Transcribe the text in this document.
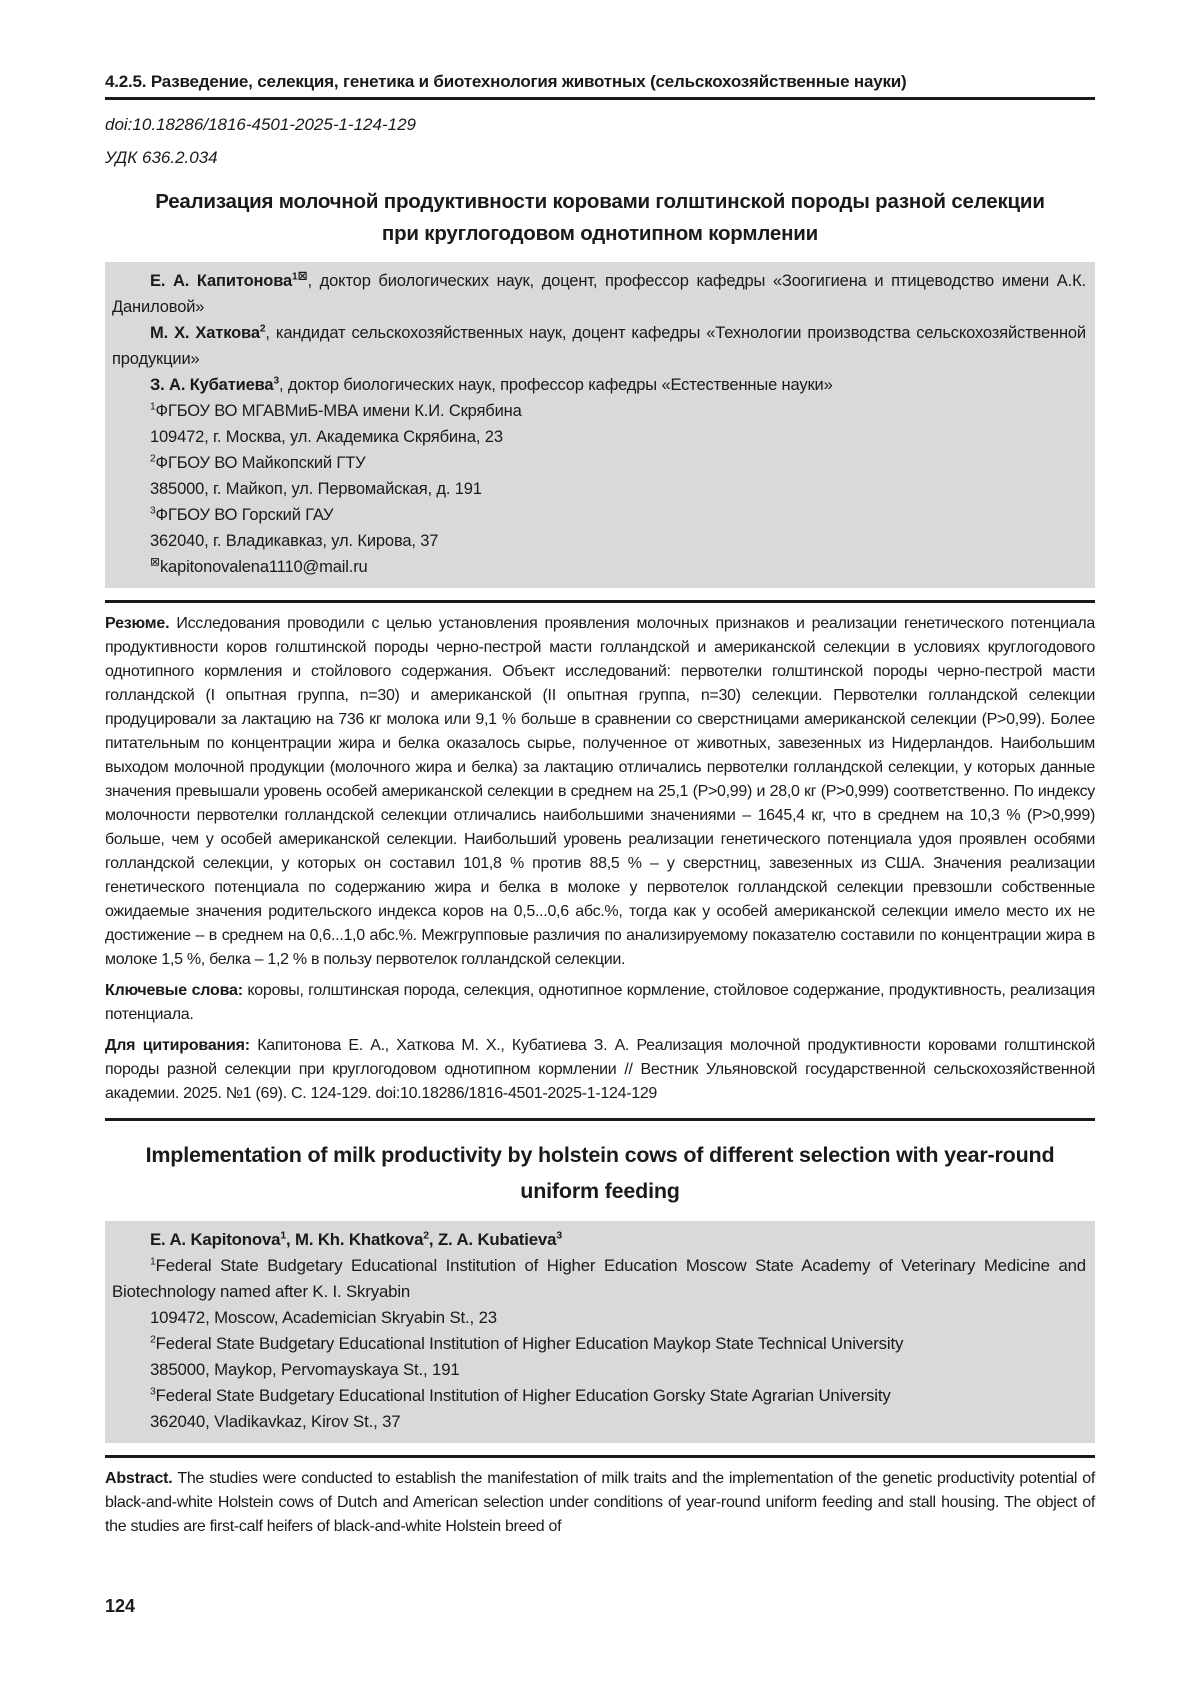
4.2.5. Разведение, селекция, генетика и биотехнология животных (сельскохозяйственные науки)
doi:10.18286/1816-4501-2025-1-124-129
УДК 636.2.034
Реализация молочной продуктивности коровами голштинской породы разной селекции при круглогодовом однотипном кормлении

Е. А. Капитонова$^{1⊠}$, доктор биологических наук, доцент, профессор кафедры «Зоогигиена и птицеводство имени А.К. Даниловой»

М. Х. Хаткова$^2$, кандидат сельскохозяйственных наук, доцент кафедры «Технологии производства сельскохозяйственной продукции»

З. А. Кубатиева$^3$, доктор биологических наук, профессор кафедры «Естественные науки»

$^1$ФГБОУ ВО МГАВМиБ-МВА имени К.И. Скрябина

109472, г. Москва, ул. Академика Скрябина, 23

$^2$ФГБОУ ВО Майкопский ГТУ

385000, г. Майкоп, ул. Первомайская, д. 191

$^3$ФГБОУ ВО Горский ГАУ

362040, г. Владикавказ, ул. Кирова, 37

⊠kapitonovalena1110@mail.ru

Резюме. Исследования проводили с целью установления проявления молочных признаков и реализации генетического потенциала продуктивности коров голштинской породы черно-пестрой масти голландской и американской селекции в условиях круглогодового однотипного кормления и стойлового содержания. Объект исследований: первотелки голштинской породы черно-пестрой масти голландской (I опытная группа, n=30) и американской (II опытная группа, n=30) селекции. Первотелки голландской селекции продуцировали за лактацию на 736 кг молока или 9,1 % больше в сравнении со сверстницами американской селекции (Р>0,99). Более питательным по концентрации жира и белка оказалось сырье, полученное от животных, завезенных из Нидерландов. Наибольшим выходом молочной продукции (молочного жира и белка) за лактацию отличались первотелки голландской селекции, у которых данные значения превышали уровень особей американской селекции в среднем на 25,1 (Р>0,99) и 28,0 кг (Р>0,999) соответственно. По индексу молочности первотелки голландской селекции отличались наибольшими значениями – 1645,4 кг, что в среднем на 10,3 % (Р>0,999) больше, чем у особей американской селекции. Наибольший уровень реализации генетического потенциала удоя проявлен особями голландской селекции, у которых он составил 101,8 % против 88,5 % – у сверстниц, завезенных из США. Значения реализации генетического потенциала по содержанию жира и белка в молоке у первотелок голландской селекции превзошли собственные ожидаемые значения родительского индекса коров на 0,5...0,6 абс.%, тогда как у особей американской селекции имело место их не достижение – в среднем на 0,6...1,0 абс.%. Межгрупповые различия по анализируемому показателю составили по концентрации жира в молоке 1,5 %, белка – 1,2 % в пользу первотелок голландской селекции.

Ключевые слова: коровы, голштинская порода, селекция, однотипное кормление, стойловое содержание, продуктивность, реализация потенциала.

Для цитирования: Капитонова Е. А., Хаткова М. Х., Кубатиева З. А. Реализация молочной продуктивности коровами голштинской породы разной селекции при круглогодовом однотипном кормлении // Вестник Ульяновской государственной сельскохозяйственной академии. 2025. №1 (69). С. 124-129. doi:10.18286/1816-4501-2025-1-124-129

Implementation of milk productivity by holstein cows of different selection with year-round uniform feeding

E. A. Kapitonova$^1$, M. Kh. Khatkova$^2$, Z. A. Kubatieva$^3$

$^1$Federal State Budgetary Educational Institution of Higher Education Moscow State Academy of Veterinary Medicine and Biotechnology named after K. I. Skryabin

109472, Moscow, Academician Skryabin St., 23

$^2$Federal State Budgetary Educational Institution of Higher Education Maykop State Technical University

385000, Maykop, Pervomayskaya St., 191

$^3$Federal State Budgetary Educational Institution of Higher Education Gorsky State Agrarian University

362040, Vladikavkaz, Kirov St., 37

Abstract. The studies were conducted to establish the manifestation of milk traits and the implementation of the genetic productivity potential of black-and-white Holstein cows of Dutch and American selection under conditions of year-round uniform feeding and stall housing. The object of the studies are first-calf heifers of black-and-white Holstein breed of

124
